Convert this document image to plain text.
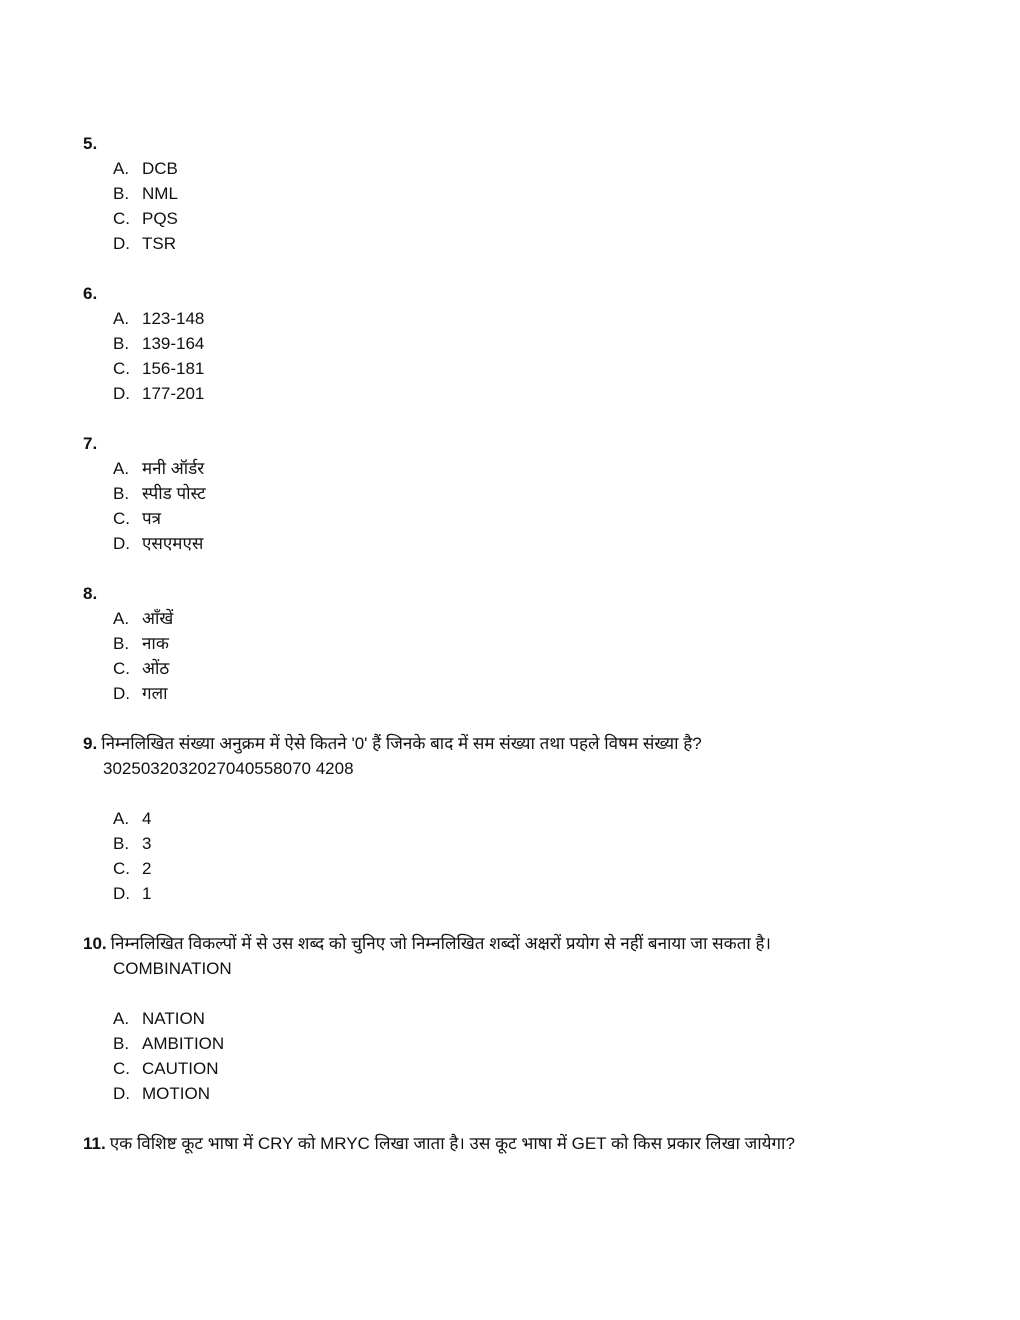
5.
A. DCB
B. NML
C. PQS
D. TSR
6.
A. 123-148
B. 139-164
C. 156-181
D. 177-201
7.
A. मनी ऑर्डर
B. स्पीड पोस्ट
C. पत्र
D. एसएमएस
8.
A. आँखें
B. नाक
C. ओंठ
D. गला
9. निम्नलिखित संख्या अनुक्रम में ऐसे कितने '0' हैं जिनके बाद में सम संख्या तथा पहले विषम संख्या है?
3025032032027040558070 4208
A. 4
B. 3
C. 2
D. 1
10. निम्नलिखित विकल्पों में से उस शब्द को चुनिए जो निम्नलिखित शब्दों अक्षरों प्रयोग से नहीं बनाया जा सकता है।
COMBINATION
A. NATION
B. AMBITION
C. CAUTION
D. MOTION
11. एक विशिष्ट कूट भाषा में CRY को MRYC लिखा जाता है। उस कूट भाषा में GET को किस प्रकार लिखा जायेगा?
